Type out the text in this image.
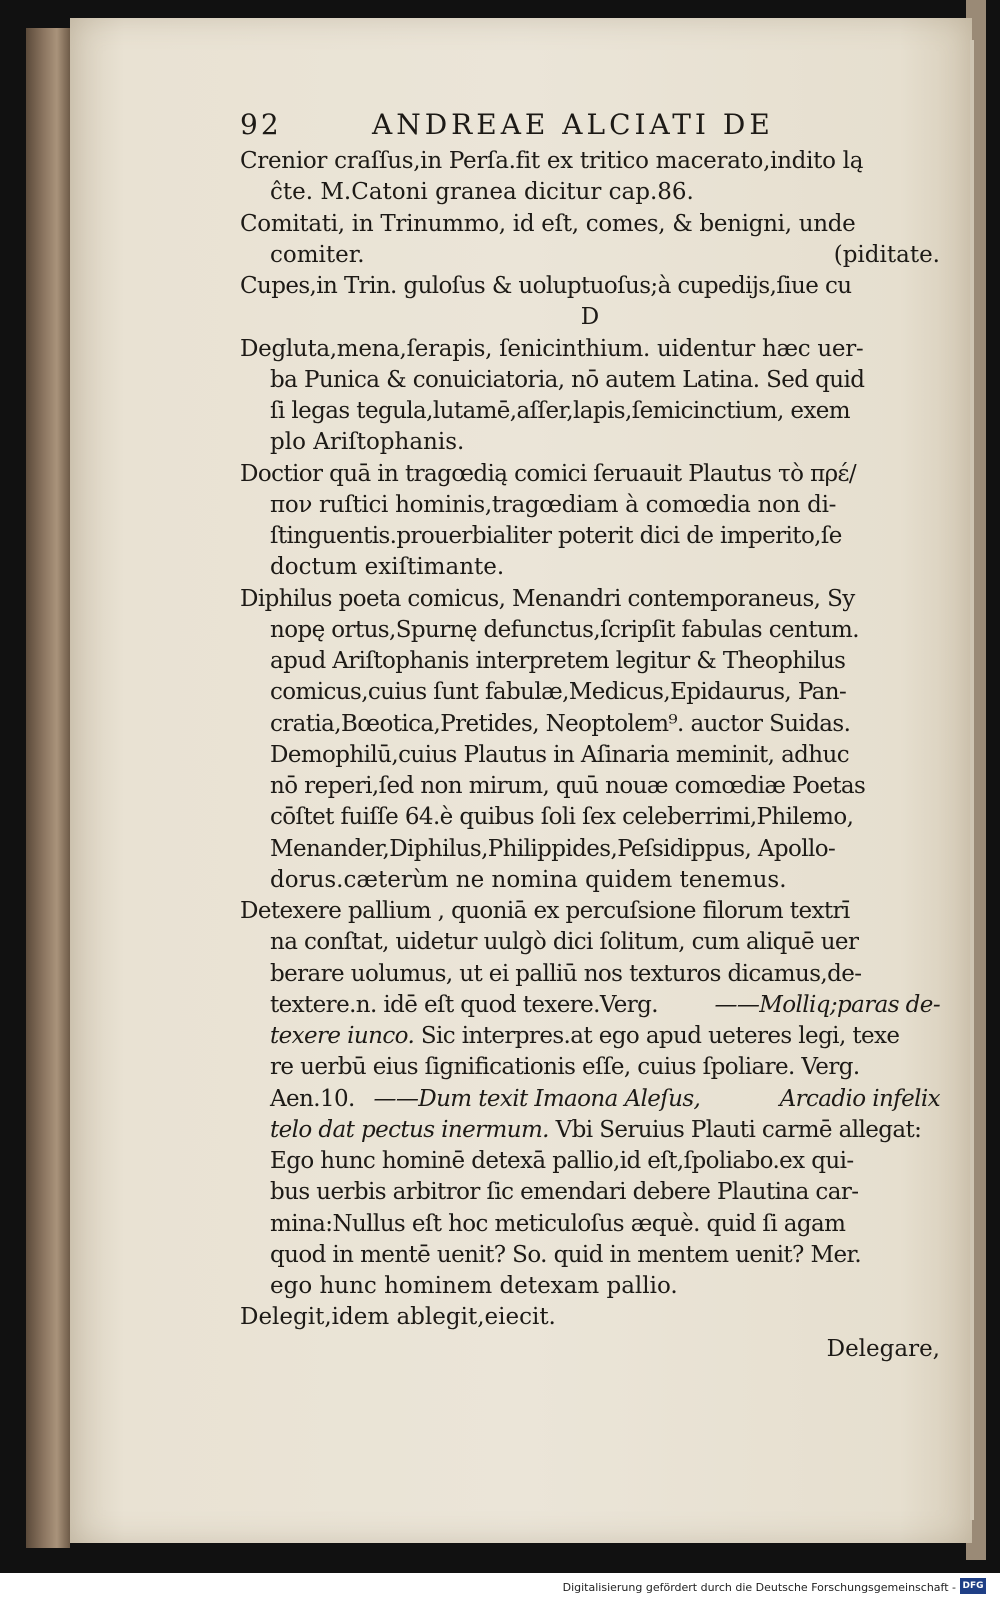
92	ANDREAE ALCIATI DE
Crenior craſſus,in Perſa.fit ex tritico macerato,indito lą
ĉte. M.Catoni granea dicitur cap.86.
Comitati, in Trinummo, id eſt, comes, & benigni, unde
comiter.	(piditate.
Cupes,in Trin. guloſus & uoluptuoſus;à cupedijs,ſiue cu
D
Degluta,mena,ſerapis, ſenicinthium. uidentur hæc uer-
ba Punica & conuiciatoria, nō autem Latina. Sed quid
ſi legas tegula,lutamē,aſſer,lapis,ſemicinctium, exem
plo Ariſtophanis.
Doctior quā in tragœdią comici ſeruauit Plautus τὸ πρέ/
πον ruſtici hominis,tragœdiam à comœdia non di-
ſtinguentis.prouerbialiter poterit dici de imperito,ſe
doctum exiſtimante.
Diphilus poeta comicus, Menandri contemporaneus, Sy
nopę ortus,Spurnę defunctus,ſcripſit fabulas centum.
apud Ariſtophanis interpretem legitur & Theophilus
comicus,cuius ſunt fabulæ,Medicus,Epidaurus, Pan-
cratia,Bœotica,Pretides, Neoptolem⁹. auctor Suidas.
Demophilū,cuius Plautus in Aſinaria meminit, adhuc
nō reperi,ſed non mirum, quū nouæ comœdiæ Poetas
cōſtet fuiſſe 64.è quibus ſoli ſex celeberrimi,Philemo,
Menander,Diphilus,Philippides,Peſsidippus, Apollo-
dorus.cæterùm ne nomina quidem tenemus.
Detexere pallium , quoniā ex percuſsione filorum textrī
na conſtat, uidetur uulgò dici ſolitum, cum aliquē uer
berare uolumus, ut ei palliū nos texturos dicamus,de-
textere.n. idē eſt quod texere.Verg. ——Molliq;paras de-
texere iunco. Sic interpres.at ego apud ueteres legi, texe
re uerbū eius ſignificationis eſſe, cuius ſpoliare. Verg.
Aen.10. ——Dum texit Imaona Aleſus,	Arcadio infelix
telo dat pectus inermum. Vbi Seruius Plauti carmē allegat:
Ego hunc hominē detexā pallio,id eſt,ſpoliabo.ex qui-
bus uerbis arbitror ſic emendari debere Plautina car-
mina:Nullus eſt hoc meticuloſus æquè. quid ſi agam
quod in mentē uenit? So. quid in mentem uenit? Mer.
ego hunc hominem detexam pallio.
Delegit,idem ablegit,eiecit.
Delegare,
Digitalisierung gefördert durch die Deutsche Forschungsgemeinschaft - DFG
